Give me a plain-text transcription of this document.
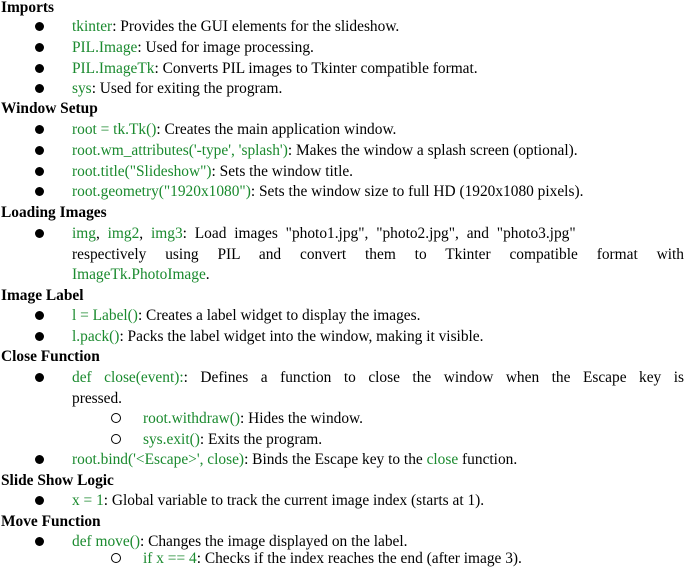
Imports
tkinter: Provides the GUI elements for the slideshow.
PIL.Image: Used for image processing.
PIL.ImageTk: Converts PIL images to Tkinter compatible format.
sys: Used for exiting the program.
Window Setup
root = tk.Tk(): Creates the main application window.
root.wm_attributes('-type', 'splash'): Makes the window a splash screen (optional).
root.title("Slideshow"): Sets the window title.
root.geometry("1920x1080"): Sets the window size to full HD (1920x1080 pixels).
Loading Images
img, img2, img3: Load images "photo1.jpg", "photo2.jpg", and "photo3.jpg"
respectively using PIL and convert them to Tkinter compatible format with
ImageTk.PhotoImage.
Image Label
l = Label(): Creates a label widget to display the images.
l.pack(): Packs the label widget into the window, making it visible.
Close Function
def close(event):: Defines a function to close the window when the Escape key is
pressed.
root.withdraw(): Hides the window.
sys.exit(): Exits the program.
root.bind('<Escape>', close): Binds the Escape key to the close function.
Slide Show Logic
x = 1: Global variable to track the current image index (starts at 1).
Move Function
def move(): Changes the image displayed on the label.
if x == 4: Checks if the index reaches the end (after image 3).
